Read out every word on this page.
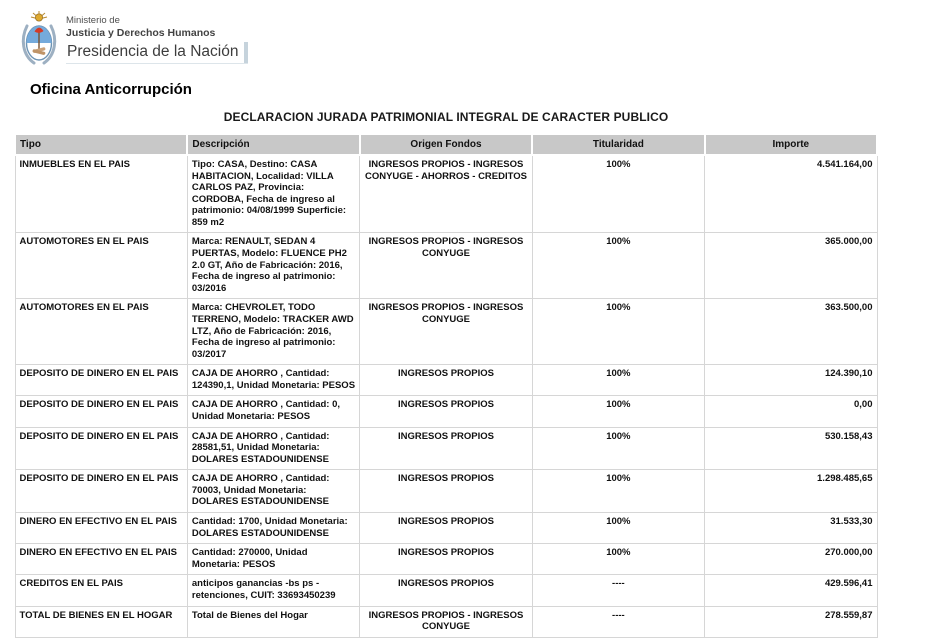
Ministerio de
Justicia y Derechos Humanos
Presidencia de la Nación
Oficina Anticorrupción
DECLARACION JURADA PATRIMONIAL INTEGRAL DE CARACTER PUBLICO
Tipo	Descripción	Origen Fondos	Titularidad	Importe
INMUEBLES EN EL PAIS	Tipo: CASA, Destino: CASA HABITACION, Localidad: VILLA CARLOS PAZ, Provincia: CORDOBA, Fecha de ingreso al patrimonio: 04/08/1999 Superficie: 859 m2	INGRESOS PROPIOS - INGRESOS CONYUGE - AHORROS - CREDITOS	100%	4.541.164,00
AUTOMOTORES EN EL PAIS	Marca: RENAULT, SEDAN 4 PUERTAS, Modelo: FLUENCE PH2 2.0 GT, Año de Fabricación: 2016, Fecha de ingreso al patrimonio: 03/2016	INGRESOS PROPIOS - INGRESOS CONYUGE	100%	365.000,00
AUTOMOTORES EN EL PAIS	Marca: CHEVROLET, TODO TERRENO, Modelo: TRACKER AWD LTZ, Año de Fabricación: 2016, Fecha de ingreso al patrimonio: 03/2017	INGRESOS PROPIOS - INGRESOS CONYUGE	100%	363.500,00
DEPOSITO DE DINERO EN EL PAIS	CAJA DE AHORRO , Cantidad: 124390,1, Unidad Monetaria: PESOS	INGRESOS PROPIOS	100%	124.390,10
DEPOSITO DE DINERO EN EL PAIS	CAJA DE AHORRO , Cantidad: 0, Unidad Monetaria: PESOS	INGRESOS PROPIOS	100%	0,00
DEPOSITO DE DINERO EN EL PAIS	CAJA DE AHORRO , Cantidad: 28581,51, Unidad Monetaria: DOLARES ESTADOUNIDENSE	INGRESOS PROPIOS	100%	530.158,43
DEPOSITO DE DINERO EN EL PAIS	CAJA DE AHORRO , Cantidad: 70003, Unidad Monetaria: DOLARES ESTADOUNIDENSE	INGRESOS PROPIOS	100%	1.298.485,65
DINERO EN EFECTIVO EN EL PAIS	Cantidad: 1700, Unidad Monetaria: DOLARES ESTADOUNIDENSE	INGRESOS PROPIOS	100%	31.533,30
DINERO EN EFECTIVO EN EL PAIS	Cantidad: 270000, Unidad Monetaria: PESOS	INGRESOS PROPIOS	100%	270.000,00
CREDITOS EN EL PAIS	anticipos ganancias -bs ps - retenciones, CUIT: 33693450239	INGRESOS PROPIOS	----	429.596,41
TOTAL DE BIENES EN EL HOGAR	Total de Bienes del Hogar	INGRESOS PROPIOS - INGRESOS CONYUGE	----	278.559,87
